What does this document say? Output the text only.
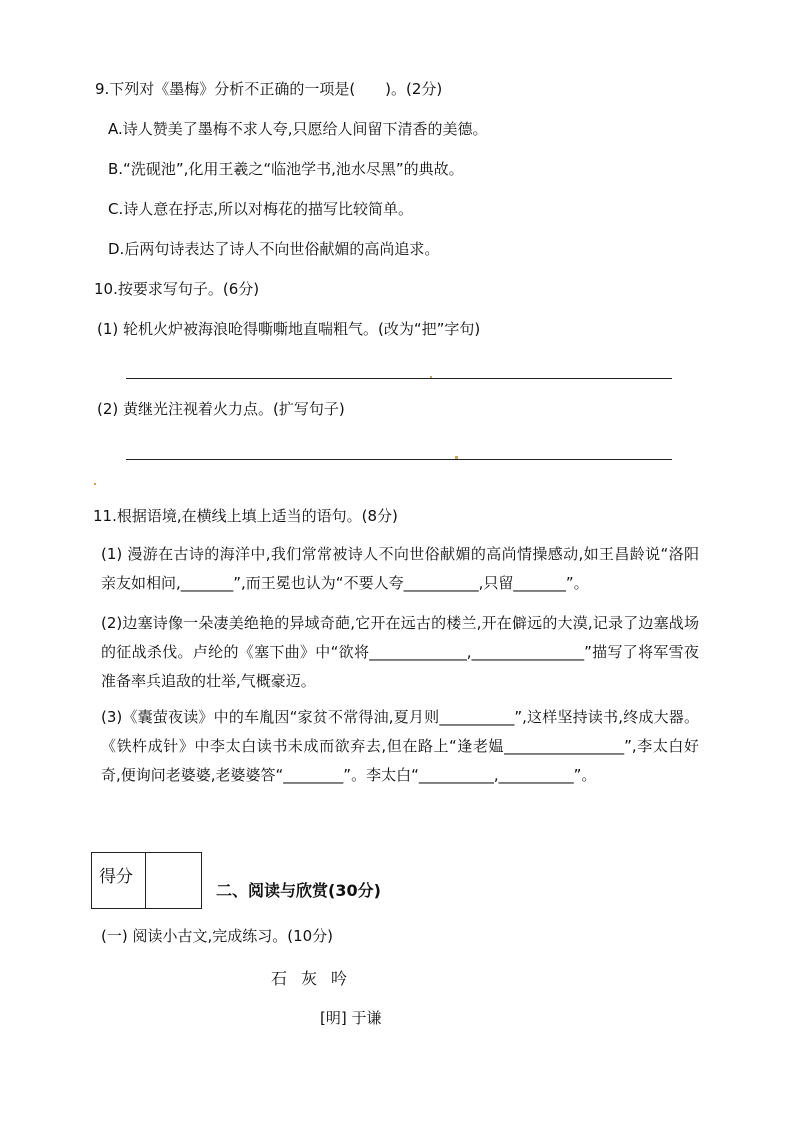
9.下列对《墨梅》分析不正确的一项是(　　)。(2分)
A.诗人赞美了墨梅不求人夸,只愿给人间留下清香的美德。
B.“洗砚池”,化用王羲之“临池学书,池水尽黑”的典故。
C.诗人意在抒志,所以对梅花的描写比较简单。
D.后两句诗表达了诗人不向世俗献媚的高尚追求。
10.按要求写句子。(6分)
(1) 轮机火炉被海浪呛得嘶嘶地直喘粗气。(改为“把”字句)
(2) 黄继光注视着火力点。(扩写句子)
11.根据语境,在横线上填上适当的语句。(8分)
(1) 漫游在古诗的海洋中,我们常常被诗人不向世俗献媚的高尚情操感动,如王昌龄说“洛阳亲友如相问,_______”,而王冕也认为“不要人夸__________,只留_______”。
(2)边塞诗像一朵凄美绝艳的异域奇葩,它开在远古的楼兰,开在僻远的大漠,记录了边塞战场的征战杀伐。卢纶的《塞下曲》中“欲将_____________,_______________”描写了将军雪夜准备率兵追敌的壮举,气概豪迈。
(3)《囊萤夜读》中的车胤因“家贫不常得油,夏月则__________”,这样坚持读书,终成大器。《铁杵成针》中李太白读书未成而欲弃去,但在路上“逢老媪________________”,李太白好奇,便询问老婆婆,老婆婆答“________”。李太白“__________,__________”。
得分
二、阅读与欣赏(30分)
(一) 阅读小古文,完成练习。(10分)
石灰吟
[明] 于谦
